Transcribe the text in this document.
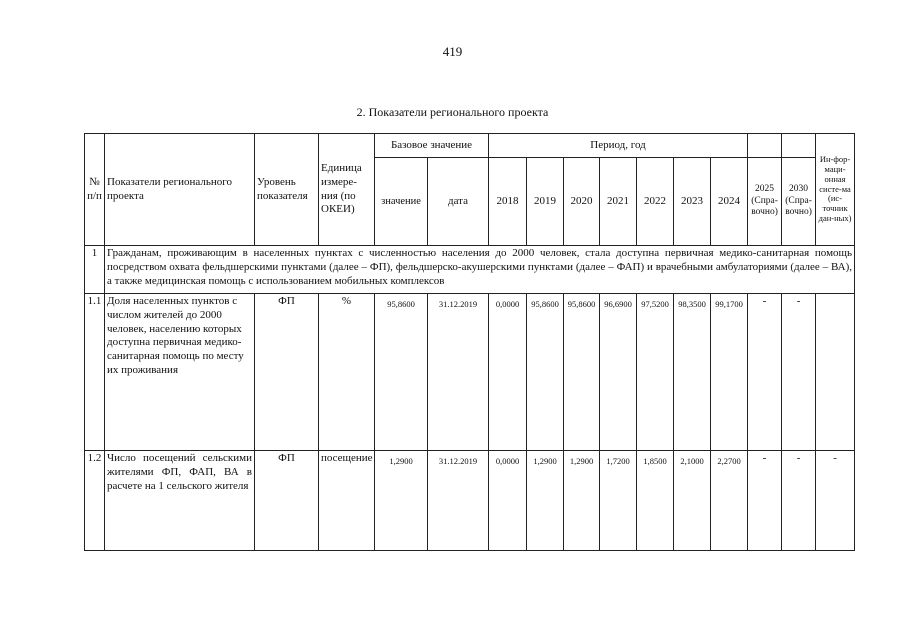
419
2. Показатели регионального проекта
№ п/п	Показатели регионального проекта	Уровень показателя	Единица измере-ния (по ОКЕИ)	Базовое значение		Период, год									Ин-фор-маци-онная систе-ма (ис-точник дан-ных)
				значение	дата	2018	2019	2020	2021	2022	2023	2024	2025 (Спра-вочно)	2030 (Спра-вочно)	
1	Гражданам, проживающим в населенных пунктах с численностью населения до 2000 человек, стала доступна первичная медико-санитарная помощь посредством охвата фельдшерскими пунктами (далее – ФП), фельдшерско-акушерскими пунктами (далее – ФАП) и врачебными амбулаториями (далее – ВА), а также медицинская помощь с использованием мобильных комплексов														
1.1	Доля населенных пунктов с числом жителей до 2000 человек, населению которых доступна первичная медико-санитарная помощь по месту их проживания	ФП	%	95,8600	31.12.2019	0,0000	95,8600	95,8600	96,6900	97,5200	98,3500	99,1700	-	-	
1.2	Число посещений сельскими жителями ФП, ФАП, ВА в расчете на 1 сельского жителя	ФП	посещение	1,2900	31.12.2019	0,0000	1,2900	1,2900	1,7200	1,8500	2,1000	2,2700	-	-	-
